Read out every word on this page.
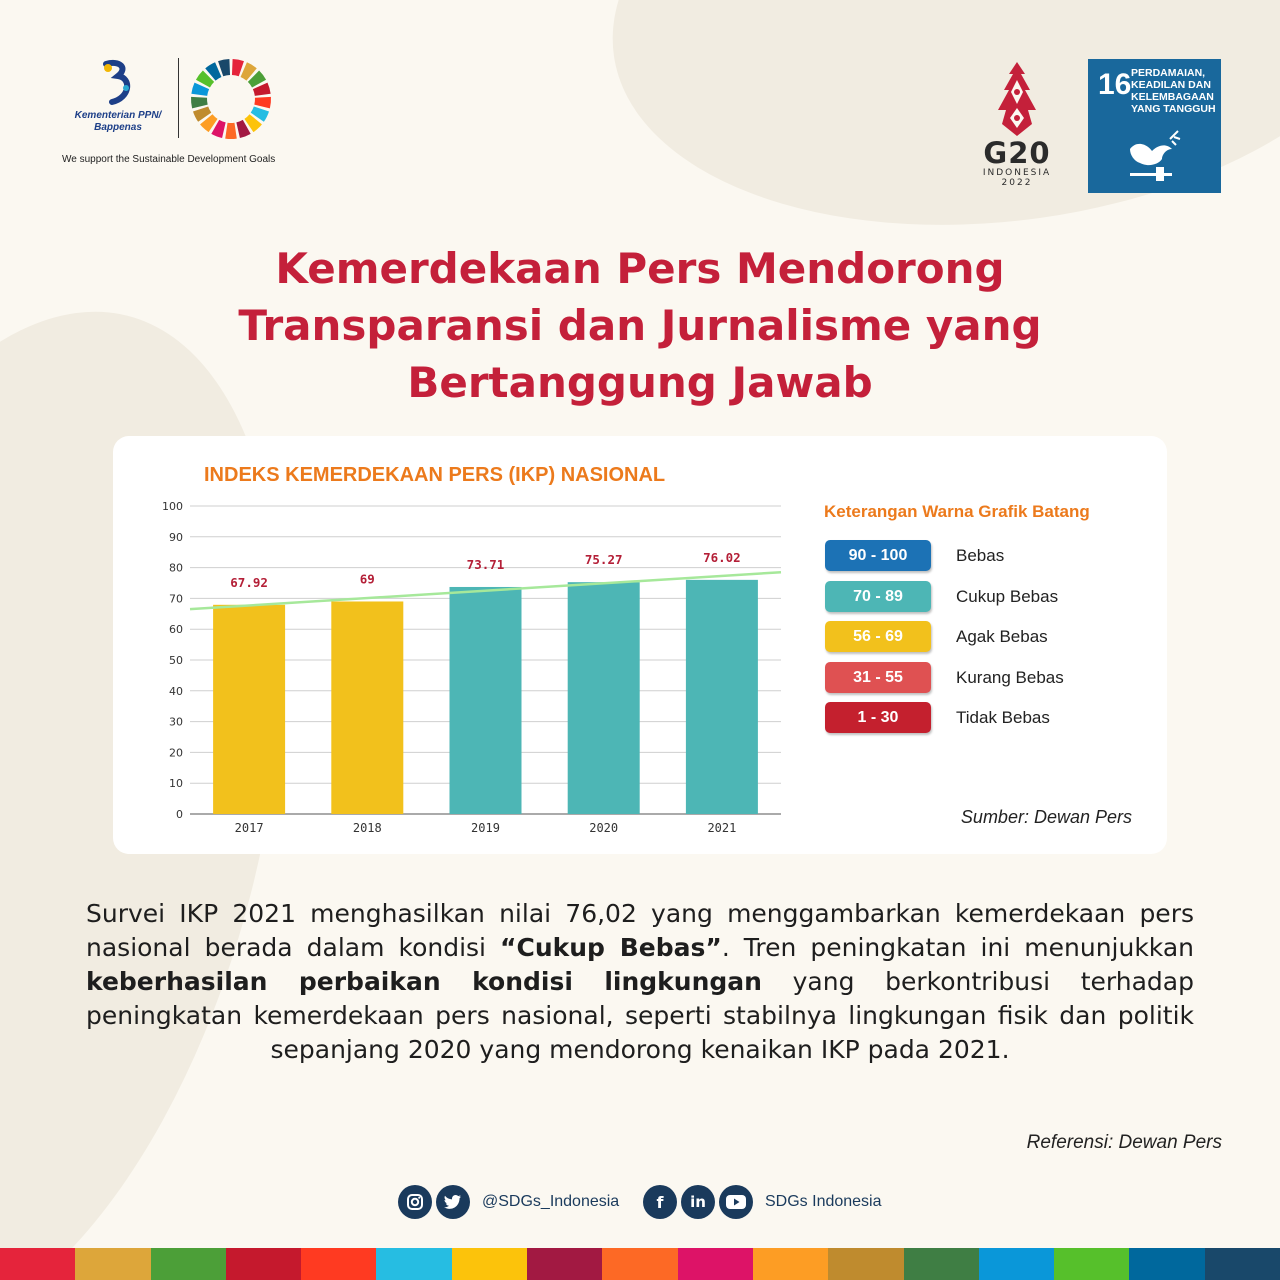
Kementerian PPN/
Bappenas
We support the Sustainable Development Goals	G20
INDONESIA
2022
16 PERDAMAIAN, KEADILAN DAN KELEMBAGAAN YANG TANGGUH
Kemerdekaan Pers Mendorong Transparansi dan Jurnalisme yang Bertanggung Jawab
INDEKS KEMERDEKAAN PERS (IKP) NASIONAL
0
10
20
30
40
50
60
70
80
90
100
67.92
2017
69
2018
73.71
2019
75.27
2020
76.02
2021
Keterangan Warna Grafik Batang
90 - 100	Bebas
70 - 89	Cukup Bebas
56 - 69	Agak Bebas
31 - 55	Kurang Bebas
1 - 30	Tidak Bebas
Sumber: Dewan Pers
Survei IKP 2021 menghasilkan nilai 76,02 yang menggambarkan kemerdekaan pers nasional berada dalam kondisi “Cukup Bebas”. Tren peningkatan ini menunjukkan keberhasilan perbaikan kondisi lingkungan yang berkontribusi terhadap peningkatan kemerdekaan pers nasional, seperti stabilnya lingkungan fisik dan politik sepanjang 2020 yang mendorong kenaikan IKP pada 2021.
Referensi: Dewan Pers
@SDGs_Indonesia	f	in	SDGs Indonesia
